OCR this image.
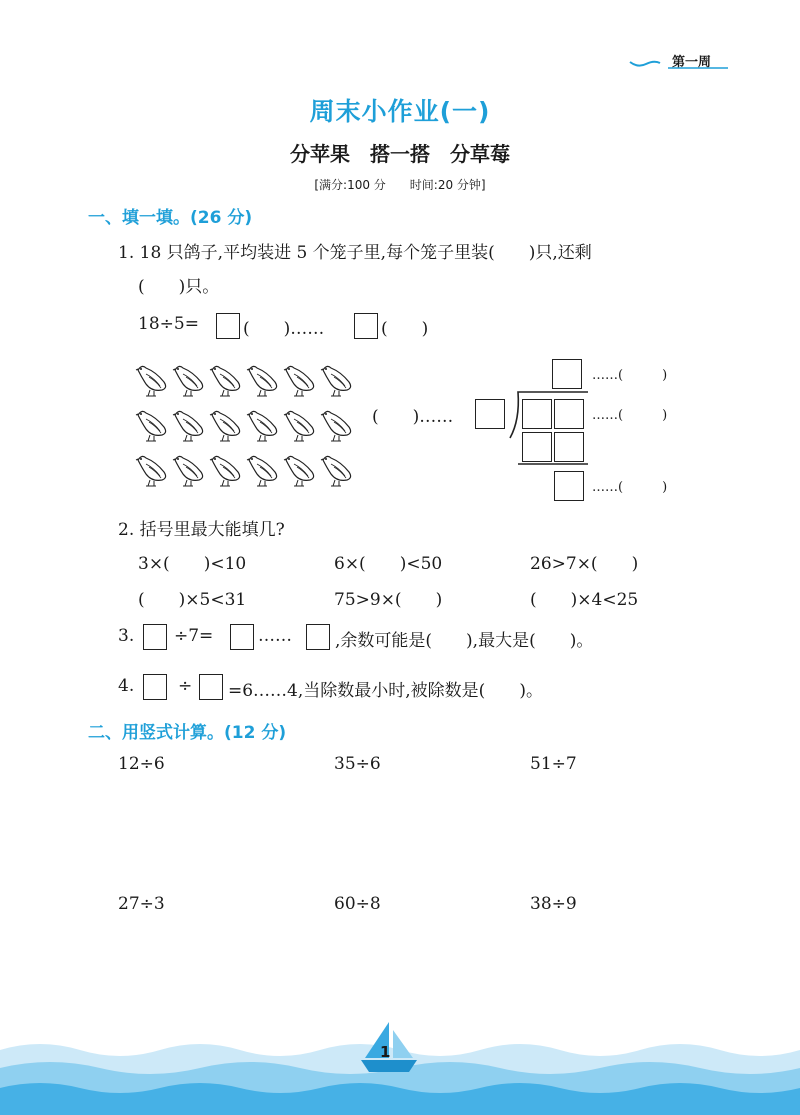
第一周
周末小作业(一)
分苹果　搭一搭　分草莓
[满分:100 分　　时间:20 分钟]
一、填一填。(26 分)
1. 18 只鸽子,平均装进 5 个笼子里,每个笼子里装(　　)只,还剩
(　　)只。
18÷5=	(　　)……	(　　)
(　　)……
……(　　　)
……(　　　)
……(　　　)
2. 括号里最大能填几?
3×(　　)<10	6×(　　)<50	26>7×(　　)
(　　)×5<31	75>9×(　　)	(　　)×4<25
3. ÷7=	……	,余数可能是(　　),最大是(　　)。
4.	÷ =6……4,当除数最小时,被除数是(　　)。
二、用竖式计算。(12 分)
12÷6	35÷6	51÷7
27÷3	60÷8	38÷9
1
